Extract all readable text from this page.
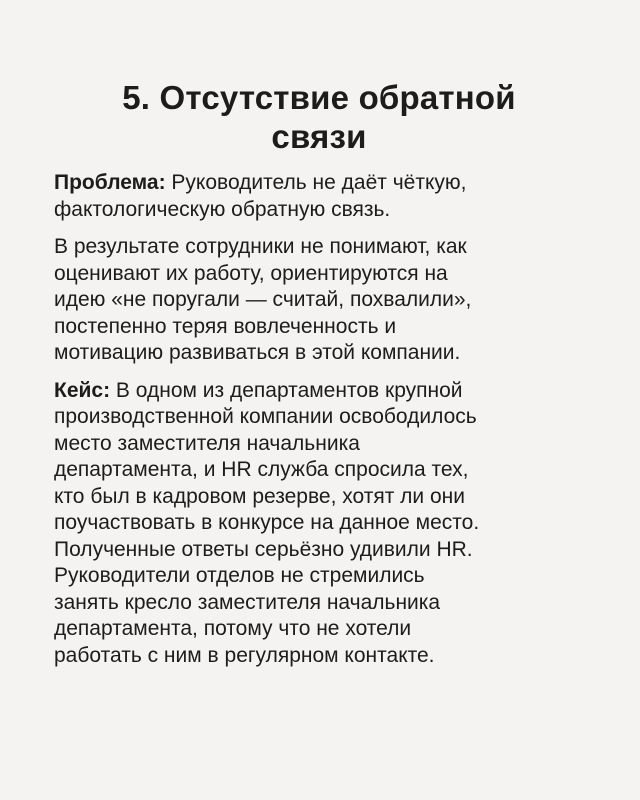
5. Отсутствие обратной
связи

Проблема: Руководитель не даёт чёткую,
фактологическую обратную связь.

В результате сотрудники не понимают, как
оценивают их работу, ориентируются на
идею «не поругали — считай, похвалили»,
постепенно теряя вовлеченность и
мотивацию развиваться в этой компании.

Кейс: В одном из департаментов крупной
производственной компании освободилось
место заместителя начальника
департамента, и HR служба спросила тех,
кто был в кадровом резерве, хотят ли они
поучаствовать в конкурсе на данное место.
Полученные ответы серьёзно удивили HR.
Руководители отделов не стремились
занять кресло заместителя начальника
департамента, потому что не хотели
работать с ним в регулярном контакте.
